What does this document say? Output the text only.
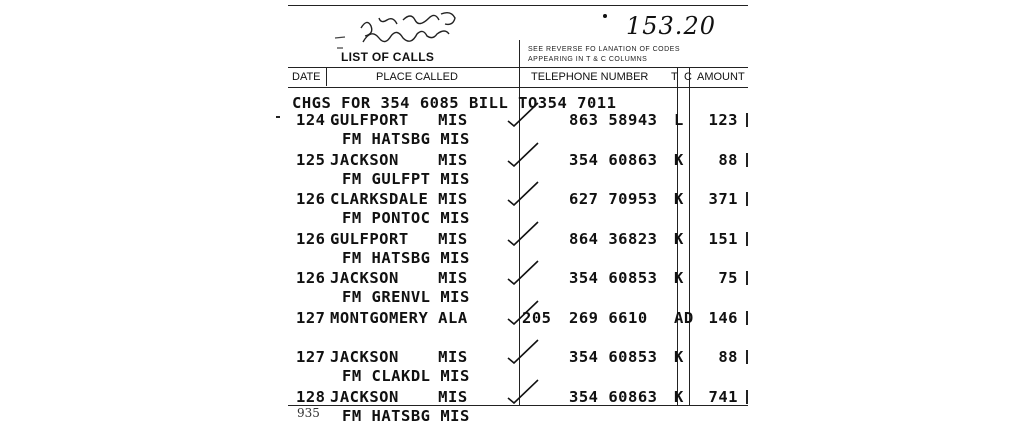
153.20
LIST OF CALLS
SEE REVERSE FO LANATION OF CODES
APPEARING IN T & C COLUMNS
DATE	PLACE CALLED	TELEPHONE NUMBER T C AMOUNT
CHGS FOR 354 6085 BILL TO354 7011
124 GULFPORT   MIS	863 58943 L 123
FM HATSBG MIS
125 JACKSON    MIS	354 60863 K 88
FM GULFPT MIS
126 CLARKSDALE MIS	627 70953 K 371
FM PONTOC MIS
126 GULFPORT   MIS	864 36823 K 151
FM HATSBG MIS
126 JACKSON    MIS	354 60853 K 75
FM GRENVL MIS
127 MONTGOMERY ALA	205 269 6610 AD 146
127 JACKSON    MIS	354 60853 K 88
FM CLAKDL MIS
128 JACKSON    MIS	354 60863 K 741
FM HATSBG MIS
935
